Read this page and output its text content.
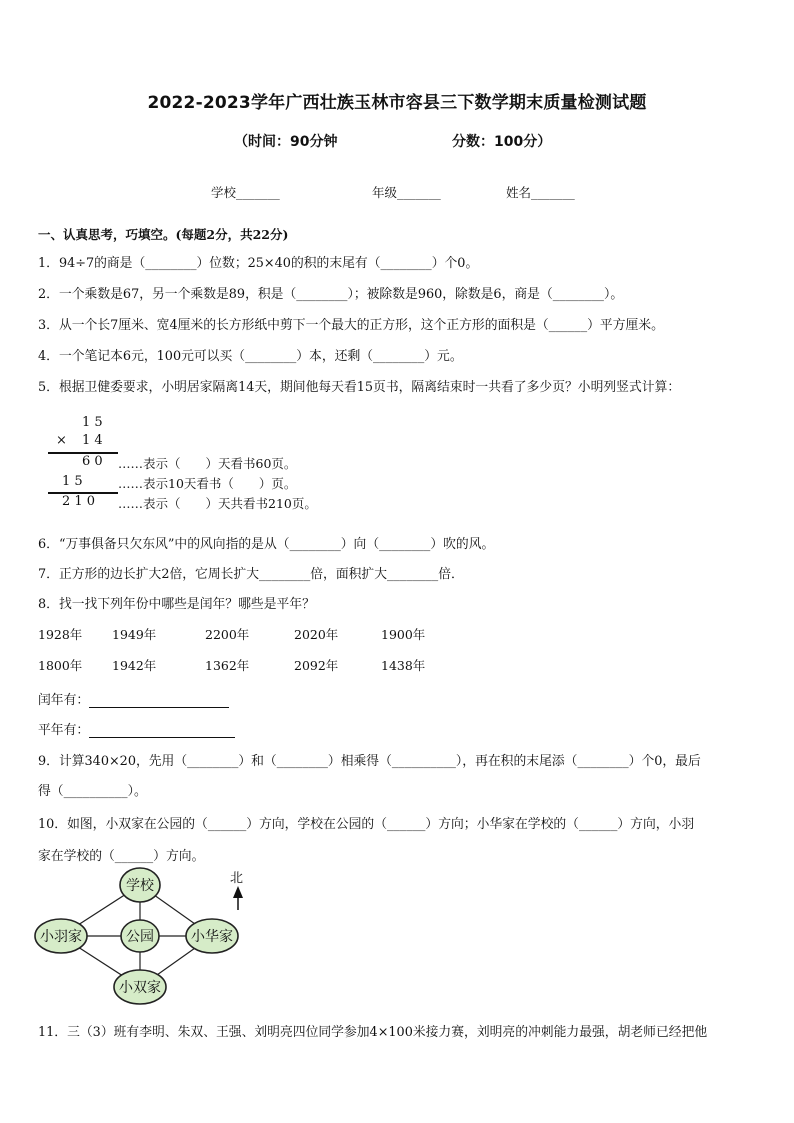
2022-2023学年广西壮族玉林市容县三下数学期末质量检测试题
（时间：90分钟	分数：100分）
学校_______	年级_______	姓名_______
一、认真思考，巧填空。(每题2分，共22分)
1．94÷7的商是（________）位数；25×40的积的末尾有（________）个0。
2．一个乘数是67，另一个乘数是89，积是（________）；被除数是960，除数是6，商是（________）。
3．从一个长7厘米、宽4厘米的长方形纸中剪下一个最大的正方形，这个正方形的面积是（______）平方厘米。
4．一个笔记本6元，100元可以买（________）本，还剩（________）元。
5．根据卫健委要求，小明居家隔离14天，期间他每天看15页书，隔离结束时一共看了多少页？小明列竖式计算：
1 5
× 1 4
6 0 ……表示（　　）天看书60页。
1 5	……表示10天看书（　　）页。
2 1 0 ……表示（　　）天共看书210页。
6．“万事俱备只欠东风”中的风向指的是从（________）向（________）吹的风。
7．正方形的边长扩大2倍，它周长扩大________倍，面积扩大________倍．
8．找一找下列年份中哪些是闰年？哪些是平年？
1928年 1949年	2200年	2020年	1900年
1800年 1942年	1362年	2092年	1438年
闰年有：
平年有：
9．计算340×20，先用（________）和（________）相乘得（__________），再在积的末尾添（________）个0，最后
得（__________）。
10．如图，小双家在公园的（______）方向，学校在公园的（______）方向；小华家在学校的（______）方向，小羽
家在学校的（______）方向。
学校
公园
小羽家	小华家
小双家
北
11．三（3）班有李明、朱双、王强、刘明亮四位同学参加4×100米接力赛，刘明亮的冲刺能力最强，胡老师已经把他
